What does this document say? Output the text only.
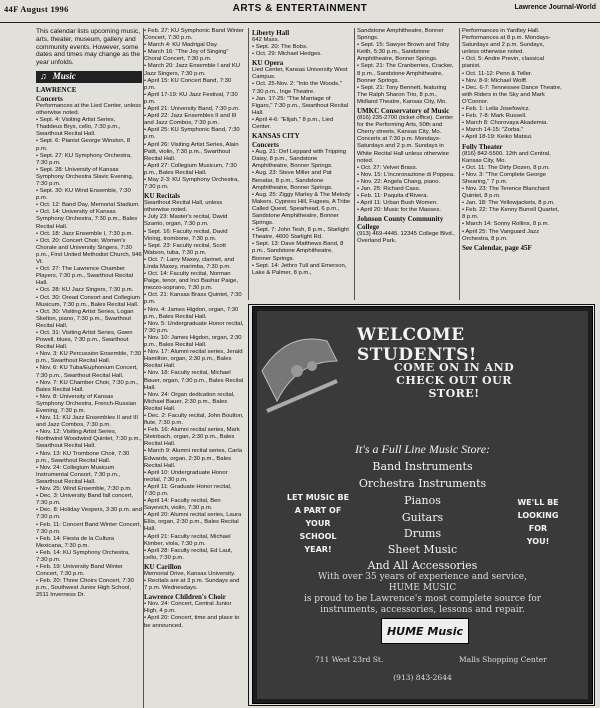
44F August 1996	ARTS & ENTERTAINMENT	Lawrence Journal-World
This calendar lists upcoming music, arts, theater, museum, gallery and community events. However, some dates and times may change as the year unfolds.
♫ Music
LAWRENCE
Concerts

Performances at the Lied Center, unless otherwise noted.

• Sept. 4: Visiting Artist Series, Thaddeus Brys, cello, 7:30 p.m., Swarthout Recital Hall.

• Sept. 6: Pianist George Winston, 8 p.m.

• Sept. 27: KU Symphony Orchestra, 7:30 p.m.

• Sept. 28: University of Kansas Symphony Orchestra Slavic Evening, 7:30 p.m.

• Sept. 30: KU Wind Ensemble, 7:30 p.m.

• Oct. 12: Band Day, Memorial Stadium.

• Oct. 14: University of Kansas Symphony Orchestra, 7:30 p.m., Bales Recital Hall.

• Oct. 18: Jazz Ensemble I, 7:30 p.m.

• Oct. 20: Concert Choir, Women's Chorale and University Singers, 7:30 p.m., First United Methodist Church, 946 Vt.

• Oct. 27: The Lawrence Chamber Players, 7:30 p.m., Swarthout Recital Hall.

• Oct. 28: KU Jazz Singers, 7:30 p.m.

• Oct. 30: Oread Consort and Collegium Musicum, 7:30 p.m., Bales Recital Hall.

• Oct. 30: Visiting Artist Series, Logan Skelton, piano, 7:30 p.m., Swarthout Recital Hall.

• Oct. 31: Visiting Artist Series, Gwen Powell, blues, 7:30 p.m., Swarthout Recital Hall.

• Nov. 3: KU Percussion Ensemble, 7:30 p.m., Swarthout Recital Hall.

• Nov. 6: KU Tuba/Euphonium Concert, 7:30 p.m., Swarthout Recital Hall.

• Nov. 7: KU Chamber Choir, 7:30 p.m., Bales Recital Hall.

• Nov. 8: University of Kansas Symphony Orchestra, French-Russian Evening, 7:30 p.m.

• Nov. 11: KU Jazz Ensembles II and III and Jazz Combos, 7:30 p.m.

• Nov. 12: Visiting Artist Series, Northwind Woodwind Quintet, 7:30 p.m., Swarthout Recital Hall.

• Nov. 13: KU Trombone Choir, 7:30 p.m., Swarthout Recital Hall.

• Nov. 24: Collegium Musicum Instrumental Consort, 7:30 p.m., Swarthout Recital Hall.

• Nov. 25: Wind Ensemble, 7:30 p.m.

• Dec. 3: University Band fall concert, 7:30 p.m.

• Dec. 8: Holiday Vespers, 3:30 p.m. and 7:30 p.m.

• Feb. 11: Concert Band Winter Concert, 7:30 p.m.

• Feb. 14: Fiesta de la Cultura Mexicana, 7:30 p.m.

• Feb. 14: KU Symphony Orchestra, 7:30 p.m.

• Feb. 19: University Band Winter Concert, 7:30 p.m.

• Feb. 20: Three Choirs Concert, 7:30 p.m., Southwest Junior High School, 2511 Inverness Dr.

• Feb. 27: KU Symphonic Band Winter Concert, 7:30 p.m.

• March 4: KU Madrigal Day.

• March 16: "The Joy of Singing" Choral Concert, 7:30 p.m.

• March 20: Jazz Ensemble I and KU Jazz Singers, 7:30 p.m.

• April 15: KU Concert Band, 7:30 p.m.

• April 17-19: KU Jazz Festival, 7:30 p.m.

• April 21: University Band, 7:30 p.m.

• April 22: Jazz Ensembles II and III and Jazz Combos, 7:30 p.m.

• April 25: KU Symphonic Band, 7:30 p.m.

• April 26: Visiting Artist Series, Alain Patit, violin, 7:30 p.m., Swarthout Recital Hall.

• April 27: Collegium Musicum, 7:30 p.m., Bales Recital Hall.

• May 2-3: KU Symphony Orchestra, 7:30 p.m.

KU Recitals

Swarthout Recital Hall, unless otherwise noted.

• July 23: Master's recital, David Szanto, organ, 7:30 p.m.

• Sept. 16: Faculty recital, David Vining, trombone, 7:30 p.m.

• Sept. 23: Faculty recital, Scott Watson, tuba, 7:30 p.m.

• Oct. 7: Larry Maxey, clarinet, and Linda Maxey, marimba, 7:30 p.m.

• Oct. 14: Faculty recital, Norman Paige, tenor, and Inci Bashar Paige, mezzo-soprano, 7:30 p.m.

• Oct. 21: Kansas Brass Quintet, 7:30 p.m.

• Nov. 4: James Higdon, organ, 7:30 p.m., Bales Recital Hall.

• Nov. 5: Undergraduate Honor recital, 7:30 p.m.

• Nov. 10: James Higdon, organ, 2:30 p.m., Bales Recital Hall.

• Nov. 17: Alumni recital series, Jerald Hamilton, organ, 2:30 p.m., Bales Recital Hall.

• Nov. 18: Faculty recital, Michael Bauer, organ, 7:30 p.m., Bales Recital Hall.

• Nov. 24: Organ dedication recital, Michael Bauer, 2:30 p.m., Bales Recital Hall.

• Dec. 2: Faculty recital, John Boulton, flute, 7:30 p.m.

• Feb. 16: Alumni recital series, Mark Steinbach, organ, 2:30 p.m., Bales Recital Hall.

• March 9: Alumni recital series, Carla Edwards, organ, 2:30 p.m., Bales Recital Hall.

• April 10: Undergraduate Honor recital, 7:30 p.m.

• April 11: Graduate Honor recital, 7:30 p.m.

• April 14: Faculty recital, Ben Sayevich, violin, 7:30 p.m.

• April 20: Alumni recital series, Laura Ellis, organ, 2:30 p.m., Bales Recital Hall.

• April 21: Faculty recital, Michael Kimber, viola, 7:30 p.m.

• April 28: Faculty recital, Ed Laut, cello, 7:30 p.m.

KU Carillon

Memorial Drive, Kansas University.

• Recitals are at 3 p.m. Sundays and 7 p.m. Wednesdays.

Lawrence Children's Choir

• Nov. 24: Concert, Central Junior High, 4 p.m.

• April 20: Concert, time and place to be announced.

Liberty Hall

642 Mass.

• Sept. 20: The Bobs.

• Oct. 29: Michael Hedges.

KU Opera

Lied Center, Kansas University West Campus.

• Oct. 25-Nov. 2: "Into the Woods," 7:30 p.m., Inge Theatre.

• Jan. 17-25: "The Marriage of Figaro," 7:30 p.m., Swarthout Recital Hall.

• April 4-6: "Elijah," 8 p.m., Lied Center.

KANSAS CITY
Concerts

• Aug. 21: Def Leppard with Tripping Daisy, 8 p.m., Sandstone Amphitheatre, Bonner Springs.

• Aug. 23: Steve Miller and Pat Benatar, 8 p.m., Sandstone Amphitheatre, Bonner Springs.

• Aug. 25: Ziggy Marley & The Melody Makers, Cypress Hill, Fugees, A Tribe Called Quest, Spearhead, 6 p.m., Sandstone Amphitheatre, Bonner Springs.

• Sept. 7: John Tesh, 8 p.m., Starlight Theatre, 4600 Starlight Rd.

• Sept. 13: Dave Matthews Band, 8 p.m., Sandstone Amphitheatre, Bonner Springs.

• Sept. 14: Jethro Tull and Emerson, Lake & Palmer, 8 p.m.,

Sandstone Amphitheatre, Bonner Springs.

• Sept. 15: Sawyer Brown and Toby Keith, 5:30 p.m., Sandstone Amphitheatre, Bonner Springs.

• Sept. 21: The Cranberries, Cracker, 8 p.m., Sandstone Amphitheatre, Bonner Springs.

• Sept. 21: Tony Bennett, featuring The Ralph Sharon Trio, 8 p.m., Midland Theatre, Kansas City, Mo.

UMKC Conservatory of Music

(816) 235-2700 (ticket office). Center for the Performing Arts, 50th and Cherry streets, Kansas City, Mo. Concerts at 7:30 p.m. Mondays-Saturdays and 2 p.m. Sundays in White Recital Hall unless otherwise noted.

• Oct. 27: Velvet Brass.

• Nov. 15: L'incoronazione di Poppea.

• Nov. 22: Angela Chang, piano.

• Jan. 25: Richard Cass.

• Feb. 11: Paquita d'Rivera.

• April 11: Urban Bush Women.

• April 20: Music for the Masses.

Johnson County Community College

(913) 469-4445. 12345 College Blvd., Overland Park.

Performances in Yardley Hall. Performances at 8 p.m. Mondays-Saturdays and 2 p.m. Sundays, unless otherwise noted.

• Oct. 5: Andre Previn, classical pianist.

• Oct. 11-12: Penn & Teller.

• Nov. 8-9: Michael Wolff.

• Dec. 6-7: Tennessee Dance Theatre, with Riders in the Sky and Mark O'Connor.

• Feb. 1: Leila Josefowicz.

• Feb. 7-8: Mark Russell.

• March 8: Chorovaya Akademia.

• March 14-15: "Zorba."

• April 18-19: Keiko Matsui.

Folly Theater

(816) 842-5500. 12th and Central, Kansas City, Mo.

• Oct. 11: The Dirty Dozen, 8 p.m.

• Nov. 3: "The Complete George Shearing," 7 p.m.

• Nov. 23: The Terence Blanchard Quintet, 8 p.m.

• Jan. 18: The Yellowjackets, 8 p.m.

• Feb. 22: The Kenny Burrell Quartet, 8 p.m.

• March 14: Sonny Rollins, 8 p.m.

• April 25: The Vanguard Jazz Orchestra, 8 p.m.

See Calendar, page 45F
WELCOME STUDENTS!
COME ON IN AND
CHECK OUT OUR
STORE!
It's a Full Line Music Store:
Band Instruments
Orchestra Instruments
Pianos
Guitars
Drums
Sheet Music
And All Accessories
LET MUSIC BE
A PART OF
YOUR
SCHOOL
YEAR!
WE'LL BE
LOOKING
FOR
YOU!
With over 35 years of experience and service,
HUME MUSIC
is proud to be Lawrence's most complete source for
instruments, accessories, lessons and repair.
HUME Music
711 West 23rd St.	Malls Shopping Center
(913) 843-2644
